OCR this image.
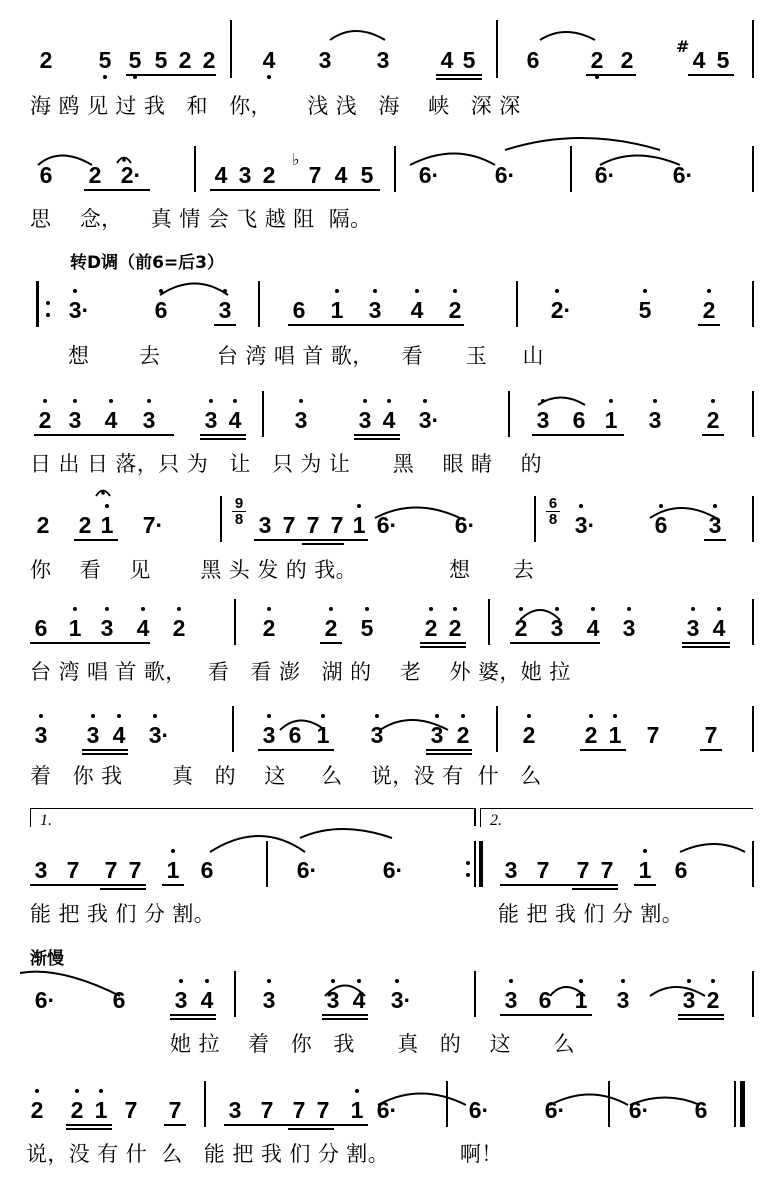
2 5 5 5 2 2 4 3 3 4 5 6 2 2
#
4 5
海 鸥 见 过 我   和   你，     浅 浅   海    峡   深 深
6 2 2·	4 3 2
♭
7 4 5 6· 6·	6·	6·
思    念，    真 情 会 飞 越 阻  隔。
转D调（前6=后3）
3·	6 3	6 1 3 4 2	2·	5 2
想       去        台 湾 唱 首 歌，    看      玉     山
2 3 4 3 3 4 3 3 4 3·	3 6 1 3 2
日 出 日 落，只 为   让   只 为 让      黑    眼 睛    的
2 2 1 7·
9
8 3 7 7 7 1 6·	6·
6
8 3·	6 3
你    看    见       黑 头 发 的 我。             想      去
6 1 3 4 2	2 2 5 2 2 2 3 4 3 3 4
台 湾 唱 首 歌，   看   看 澎   湖 的    老    外 婆，她 拉
3 3 4 3·	3 6 1 3 3 2 2 2 1 7 7
着   你 我       真   的    这     么    说，没 有  什   么
1.	2.
3 7 7 7 1 6	6·	6·	3 7 7 7 1 6
能 把 我 们 分 割。	能 把 我 们 分 割。
渐慢
6· 6 3 4 3 3 4 3·	3 6 1 3 3 2
她 拉    着   你   我      真   的    这      么
2 2 1 7 7 3 7 7 7 1 6·	6· 6·	6· 6
说，没 有 什  么   能 把 我 们 分 割。          啊！
